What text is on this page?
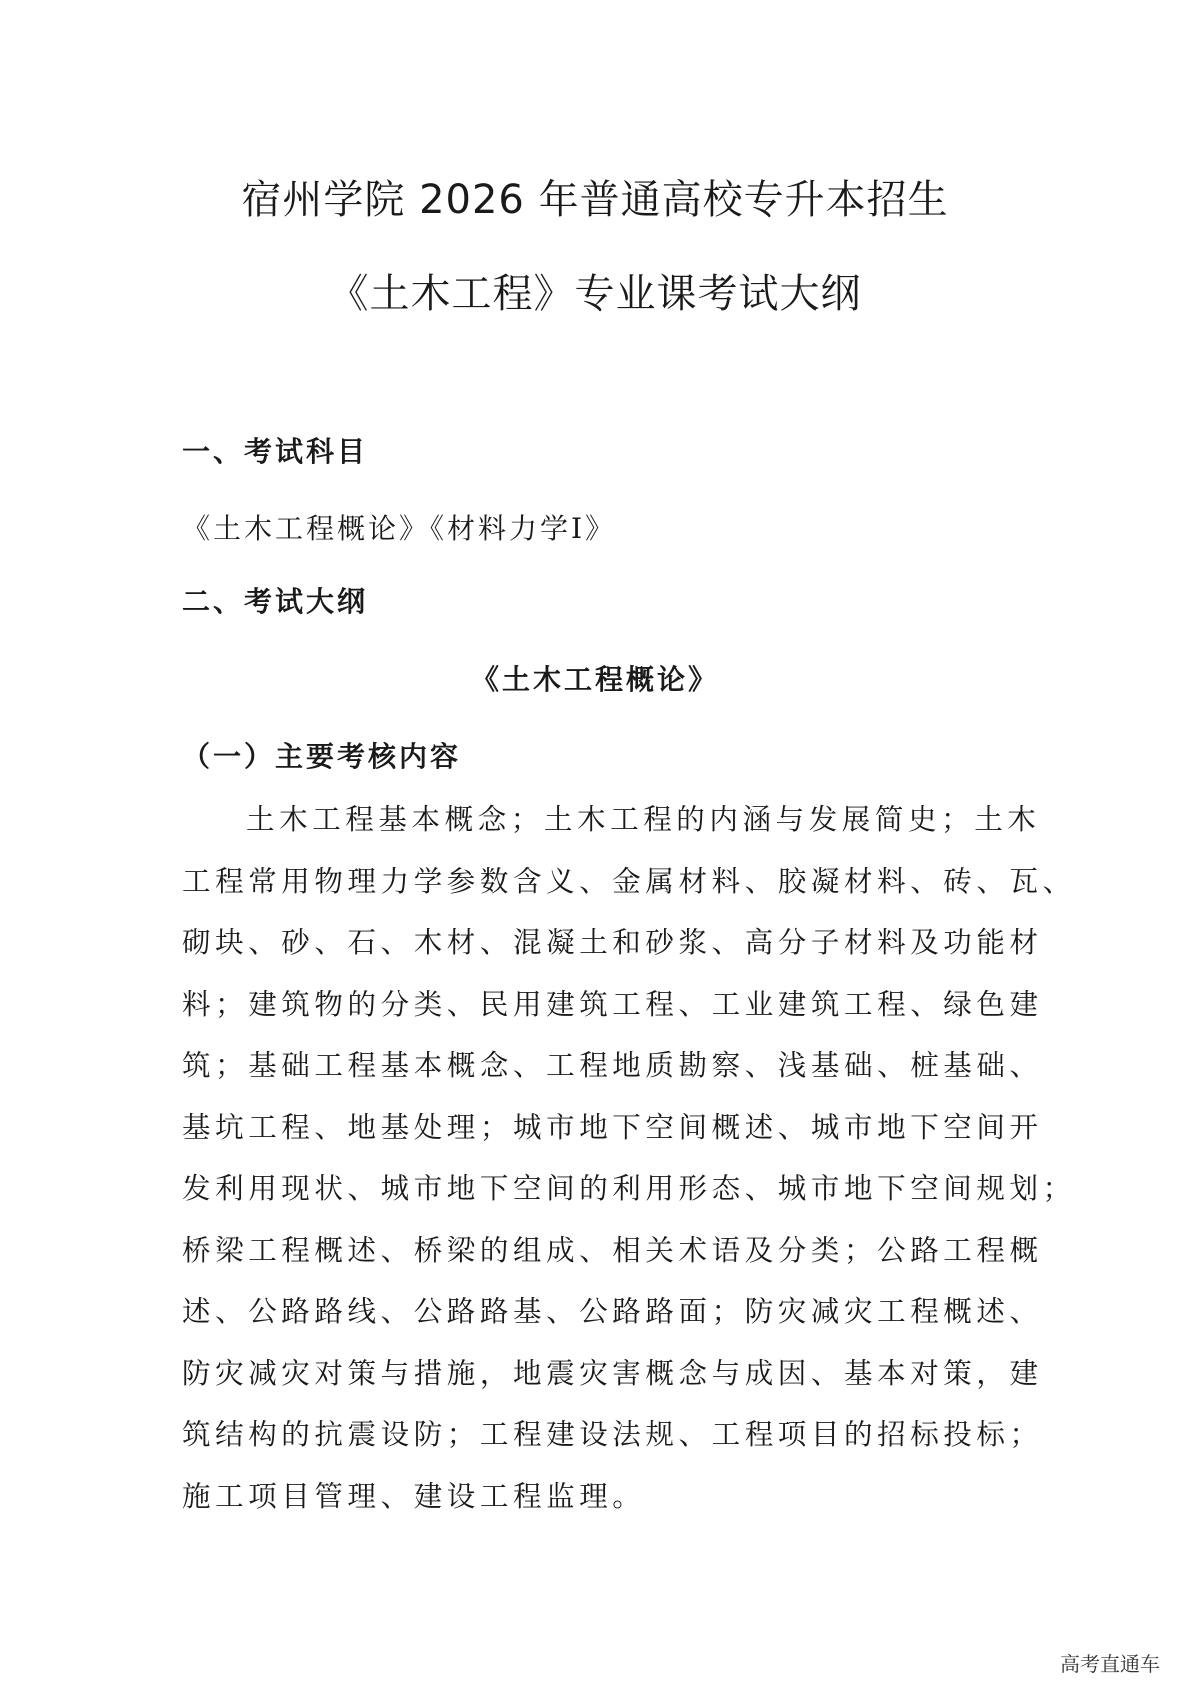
宿州学院 2026 年普通高校专升本招生
《土木工程》专业课考试大纲
一、考试科目
《土木工程概论》《材料力学Ⅰ》
二、考试大纲
《土木工程概论》
（一）主要考核内容
土木工程基本概念；土木工程的内涵与发展简史；土木
工程常用物理力学参数含义、金属材料、胶凝材料、砖、瓦、
砌块、砂、石、木材、混凝土和砂浆、高分子材料及功能材
料；建筑物的分类、民用建筑工程、工业建筑工程、绿色建
筑；基础工程基本概念、工程地质勘察、浅基础、桩基础、
基坑工程、地基处理；城市地下空间概述、城市地下空间开
发利用现状、城市地下空间的利用形态、城市地下空间规划；
桥梁工程概述、桥梁的组成、相关术语及分类；公路工程概
述、公路路线、公路路基、公路路面；防灾减灾工程概述、
防灾减灾对策与措施，地震灾害概念与成因、基本对策，建
筑结构的抗震设防；工程建设法规、工程项目的招标投标；
施工项目管理、建设工程监理。
高考直通车
